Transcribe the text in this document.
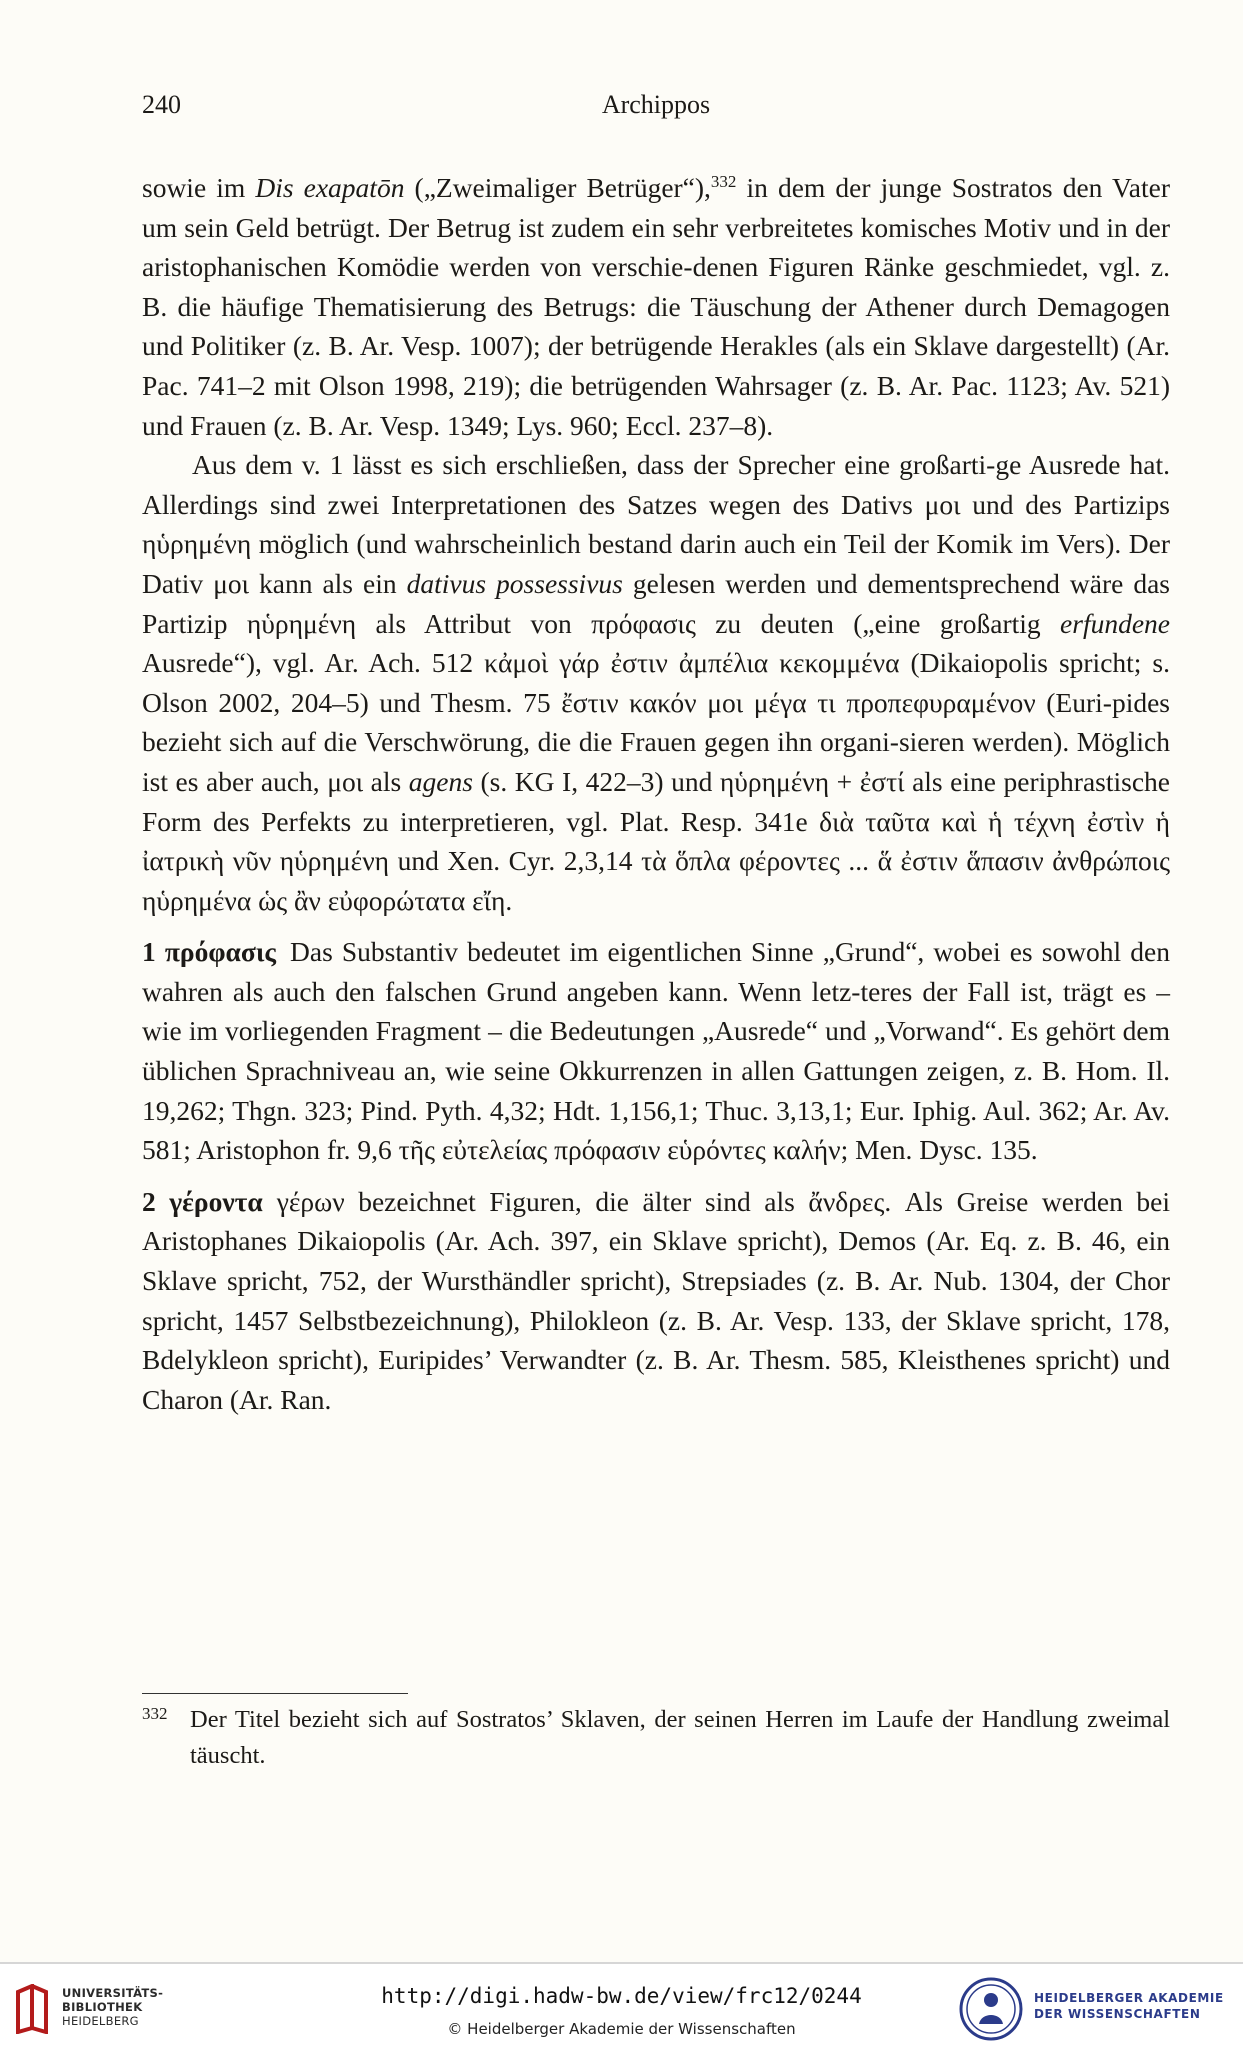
240	Archippos

sowie im Dis exapatōn („Zweimaliger Betrüger“),$^{332}$ in dem der junge Sostratos den Vater um sein Geld betrügt. Der Betrug ist zudem ein sehr verbreitetes komisches Motiv und in der aristophanischen Komödie werden von verschie-denen Figuren Ränke geschmiedet, vgl. z. B. die häufige Thematisierung des Betrugs: die Täuschung der Athener durch Demagogen und Politiker (z. B. Ar. Vesp. 1007); der betrügende Herakles (als ein Sklave dargestellt) (Ar. Pac. 741–2 mit Olson 1998, 219); die betrügenden Wahrsager (z. B. Ar. Pac. 1123; Av. 521) und Frauen (z. B. Ar. Vesp. 1349; Lys. 960; Eccl. 237–8).

Aus dem v. 1 lässt es sich erschließen, dass der Sprecher eine großarti-ge Ausrede hat. Allerdings sind zwei Interpretationen des Satzes wegen des Dativs μοι und des Partizips ηὑρημένη möglich (und wahrscheinlich bestand darin auch ein Teil der Komik im Vers). Der Dativ μοι kann als ein dativus possessivus gelesen werden und dementsprechend wäre das Partizip ηὑρημένη als Attribut von πρόφασις zu deuten („eine großartig erfundene Ausrede“), vgl. Ar. Ach. 512 κἀμοὶ γάρ ἐστιν ἀμπέλια κεκομμένα (Dikaiopolis spricht; s. Olson 2002, 204–5) und Thesm. 75 ἔστιν κακόν μοι μέγα τι προπεφυραμένον (Euri-pides bezieht sich auf die Verschwörung, die die Frauen gegen ihn organi-sieren werden). Möglich ist es aber auch, μοι als agens (s. KG I, 422–3) und ηὑρημένη + ἐστί als eine periphrastische Form des Perfekts zu interpretieren, vgl. Plat. Resp. 341e διὰ ταῦτα καὶ ἡ τέχνη ἐστὶν ἡ ἰατρικὴ νῦν ηὑρημένη und Xen. Cyr. 2,3,14 τὰ ὅπλα φέροντες ... ἅ ἐστιν ἅπασιν ἀνθρώποις ηὑρημένα ὡς ἂν εὐφορώτατα εἴη.

1 πρόφασις Das Substantiv bedeutet im eigentlichen Sinne „Grund“, wobei es sowohl den wahren als auch den falschen Grund angeben kann. Wenn letz-teres der Fall ist, trägt es – wie im vorliegenden Fragment – die Bedeutungen „Ausrede“ und „Vorwand“. Es gehört dem üblichen Sprachniveau an, wie seine Okkurrenzen in allen Gattungen zeigen, z. B. Hom. Il. 19,262; Thgn. 323; Pind. Pyth. 4,32; Hdt. 1,156,1; Thuc. 3,13,1; Eur. Iphig. Aul. 362; Ar. Av. 581; Aristophon fr. 9,6 τῆς εὐτελείας πρόφασιν εὑρόντες καλήν; Men. Dysc. 135.

2 γέροντα γέρων bezeichnet Figuren, die älter sind als ἄνδρες. Als Greise werden bei Aristophanes Dikaiopolis (Ar. Ach. 397, ein Sklave spricht), Demos (Ar. Eq. z. B. 46, ein Sklave spricht, 752, der Wursthändler spricht), Strepsiades (z. B. Ar. Nub. 1304, der Chor spricht, 1457 Selbstbezeichnung), Philokleon (z. B. Ar. Vesp. 133, der Sklave spricht, 178, Bdelykleon spricht), Euripides’ Verwandter (z. B. Ar. Thesm. 585, Kleisthenes spricht) und Charon (Ar. Ran.

332 Der Titel bezieht sich auf Sostratos’ Sklaven, der seinen Herren im Laufe der Handlung zweimal täuscht.
UNIVERSITÄTS-
BIBLIOTHEK
HEIDELBERG
http://digi.hadw-bw.de/view/frc12/0244
© Heidelberger Akademie der Wissenschaften
HEIDELBERGER AKADEMIE
DER WISSENSCHAFTEN
